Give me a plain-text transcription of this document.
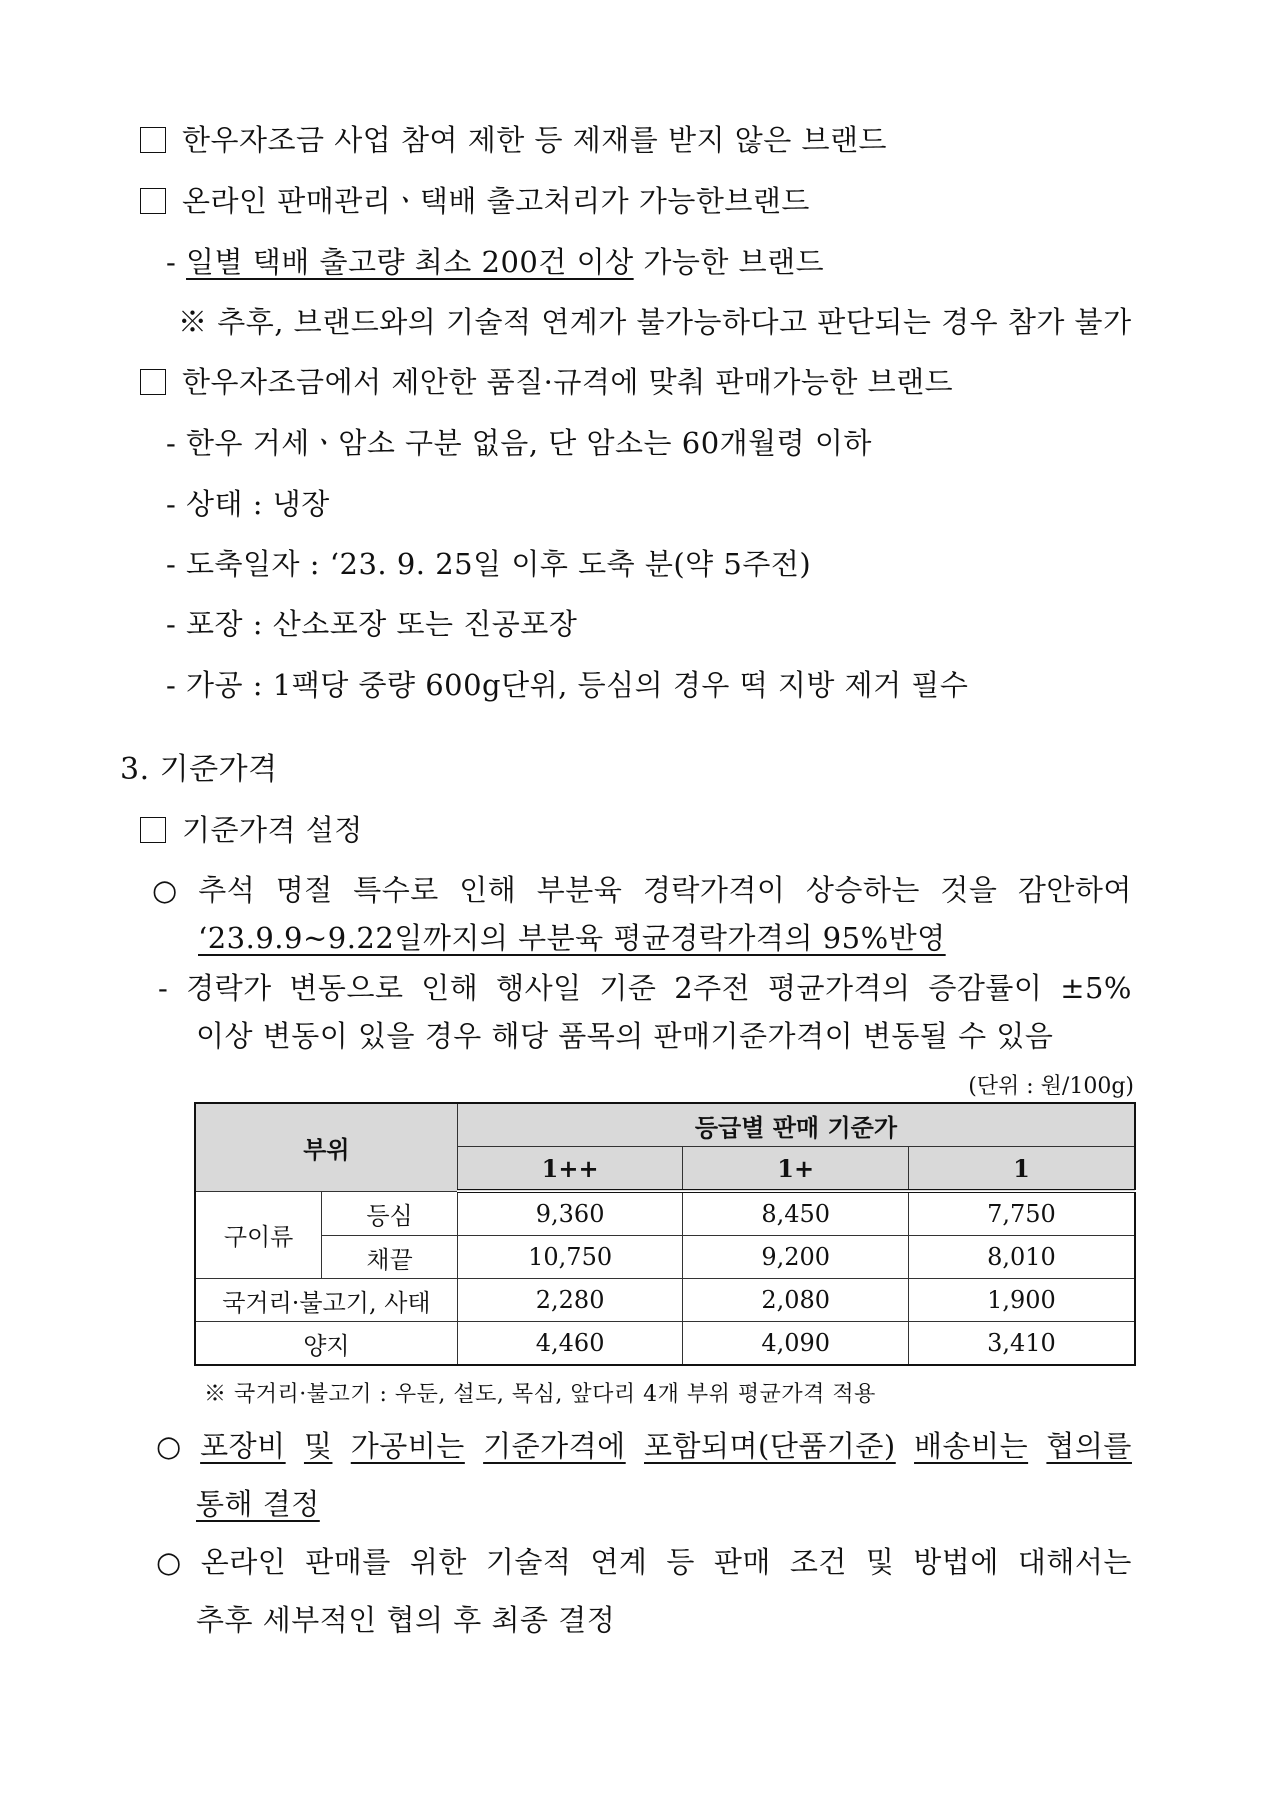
한우자조금 사업 참여 제한 등 제재를 받지 않은 브랜드
온라인 판매관리ㆍ택배 출고처리가 가능한브랜드
- 일별 택배 출고량 최소 200건 이상 가능한 브랜드
※ 추후, 브랜드와의 기술적 연계가 불가능하다고 판단되는 경우 참가 불가
한우자조금에서 제안한 품질·규격에 맞춰 판매가능한 브랜드
- 한우 거세ㆍ암소 구분 없음, 단 암소는 60개월령 이하
- 상태 : 냉장
- 도축일자 : ‘23. 9. 25일 이후 도축 분(약 5주전)
- 포장 : 산소포장 또는 진공포장
- 가공 : 1팩당 중량 600g단위, 등심의 경우 떡 지방 제거 필수
3. 기준가격
기준가격 설정
○ 추석 명절 특수로 인해 부분육 경락가격이 상승하는 것을 감안하여
‘23.9.9~9.22일까지의 부분육 평균경락가격의 95%반영
- 경락가 변동으로 인해 행사일 기준 2주전 평균가격의 증감률이 ±5%
이상 변동이 있을 경우 해당 품목의 판매기준가격이 변동될 수 있음
(단위 : 원/100g)
부위		등급별 판매 기준가		
		1++	1+	1
구이류	등심	9,360	8,450	7,750
	채끝	10,750	9,200	8,010
국거리·불고기, 사태		2,280	2,080	1,900
양지		4,460	4,090	3,410
※ 국거리·불고기 : 우둔, 설도, 목심, 앞다리 4개 부위 평균가격 적용
○ 포장비 및 가공비는 기준가격에 포함되며(단품기준) 배송비는 협의를
통해 결정
○ 온라인 판매를 위한 기술적 연계 등 판매 조건 및 방법에 대해서는
추후 세부적인 협의 후 최종 결정
